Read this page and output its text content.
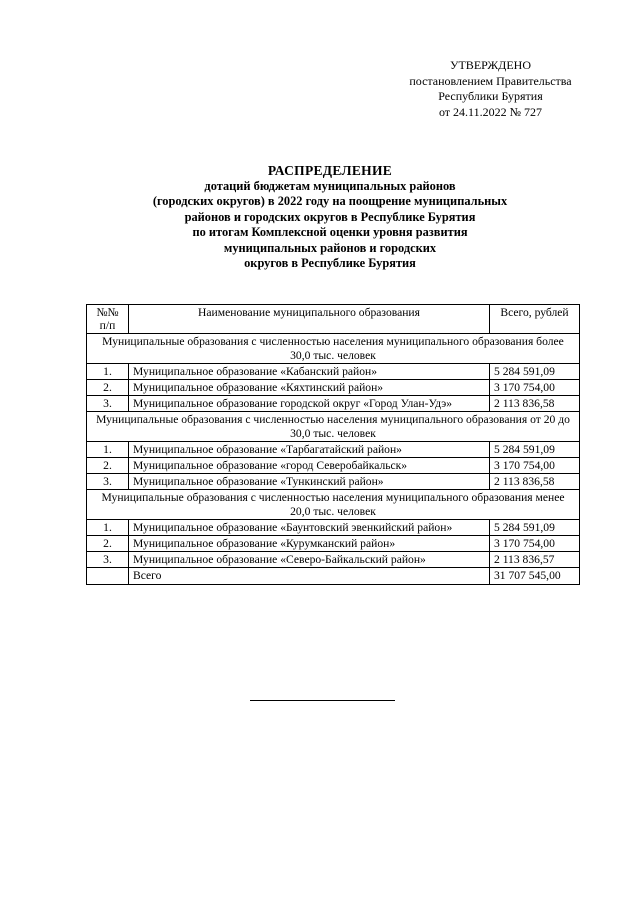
УТВЕРЖДЕНО
постановлением Правительства
Республики Бурятия
от 24.11.2022 № 727
РАСПРЕДЕЛЕНИЕ
дотаций бюджетам муниципальных районов
(городских округов) в 2022 году на поощрение муниципальных
районов и городских округов в Республике Бурятия
по итогам Комплексной оценки уровня развития
муниципальных районов и городских
округов в Республике Бурятия
№№ п/п	Наименование муниципального образования	Всего, рублей
Муниципальные образования с численностью населения муниципального образования более 30,0 тыс. человек		
1.	Муниципальное образование «Кабанский район»	5 284 591,09
2.	Муниципальное образование «Кяхтинский район»	3 170 754,00
3.	Муниципальное образование городской округ «Город Улан-Удэ»	2 113 836,58
Муниципальные образования с численностью населения муниципального образования от 20 до 30,0 тыс. человек		
1.	Муниципальное образование «Тарбагатайский район»	5 284 591,09
2.	Муниципальное образование «город Северобайкальск»	3 170 754,00
3.	Муниципальное образование «Тункинский район»	2 113 836,58
Муниципальные образования с численностью населения муниципального образования менее 20,0 тыс. человек		
1.	Муниципальное образование «Баунтовский эвенкийский район»	5 284 591,09
2.	Муниципальное образование «Курумканский район»	3 170 754,00
3.	Муниципальное образование «Северо-Байкальский район»	2 113 836,57
	Всего	31 707 545,00
